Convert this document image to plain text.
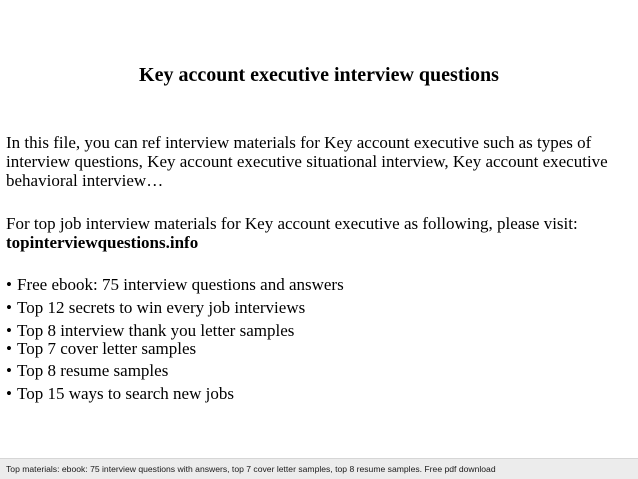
Key account executive interview questions
In this file, you can ref interview materials for Key account executive such as types of interview questions, Key account executive situational interview, Key account executive behavioral interview…
For top job interview materials for Key account executive as following, please visit:
topinterviewquestions.info
• Free ebook: 75 interview questions and answers
• Top 12 secrets to win every job interviews
• Top 8 interview thank you letter samples
• Top 7 cover letter samples
• Top 8 resume samples
• Top 15 ways to search new jobs
Top materials: ebook: 75 interview questions with answers, top 7 cover letter samples, top 8 resume samples. Free pdf download
